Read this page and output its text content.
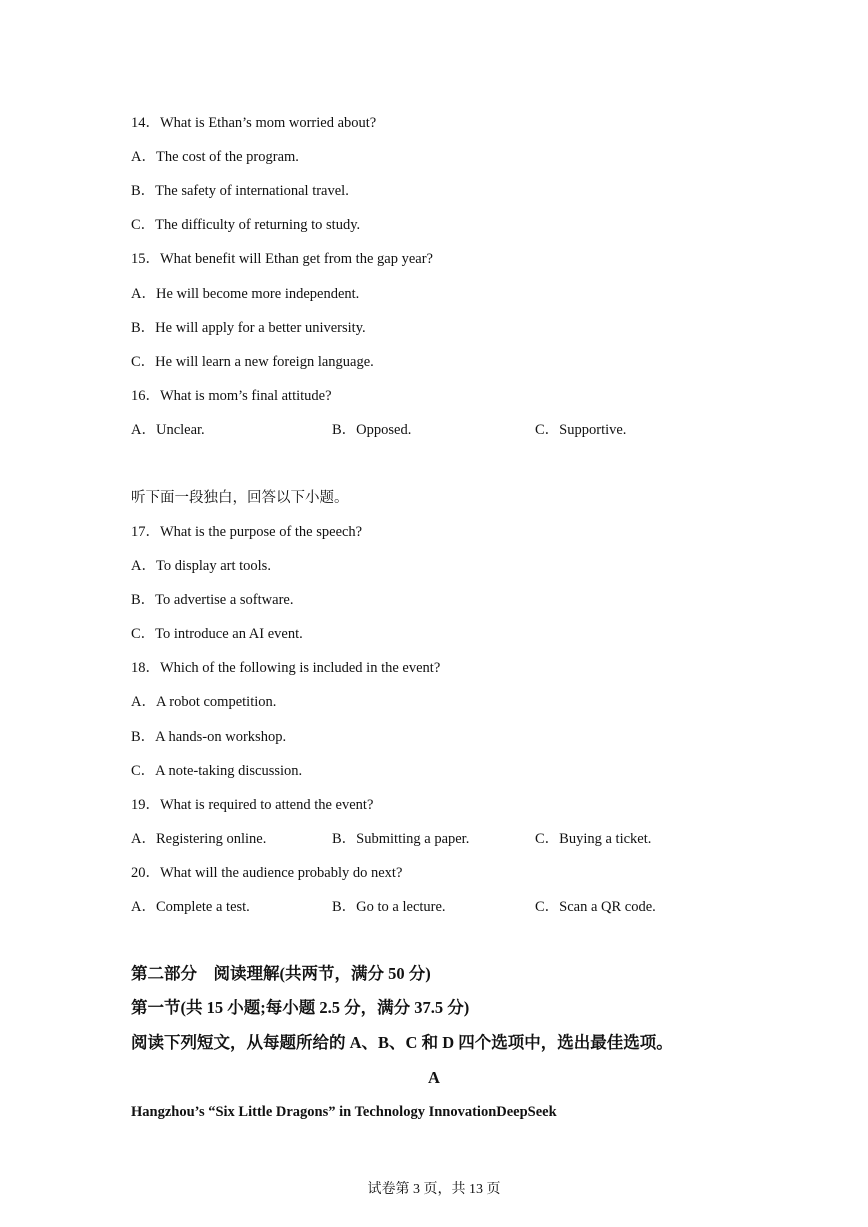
14．What is Ethan’s mom worried about?
A．The cost of the program.
B．The safety of international travel.
C．The difficulty of returning to study.
15．What benefit will Ethan get from the gap year?
A．He will become more independent.
B．He will apply for a better university.
C．He will learn a new foreign language.
16．What is mom’s final attitude?
A．Unclear.	B．Opposed.	C．Supportive.
听下面一段独白，回答以下小题。
17．What is the purpose of the speech?
A．To display art tools.
B．To advertise a software.
C．To introduce an AI event.
18．Which of the following is included in the event?
A．A robot competition.
B．A hands-on workshop.
C．A note-taking discussion.
19．What is required to attend the event?
A．Registering online.	B．Submitting a paper.	C．Buying a ticket.
20．What will the audience probably do next?
A．Complete a test.	B．Go to a lecture.	C．Scan a QR code.
第二部分　阅读理解(共两节，满分 50 分)
第一节(共 15 小题;每小题 2.5 分，满分 37.5 分)
阅读下列短文，从每题所给的 A、B、C 和 D 四个选项中，选出最佳选项。
A
Hangzhou’s “Six Little Dragons” in Technology InnovationDeepSeek
试卷第 3 页，共 13 页
